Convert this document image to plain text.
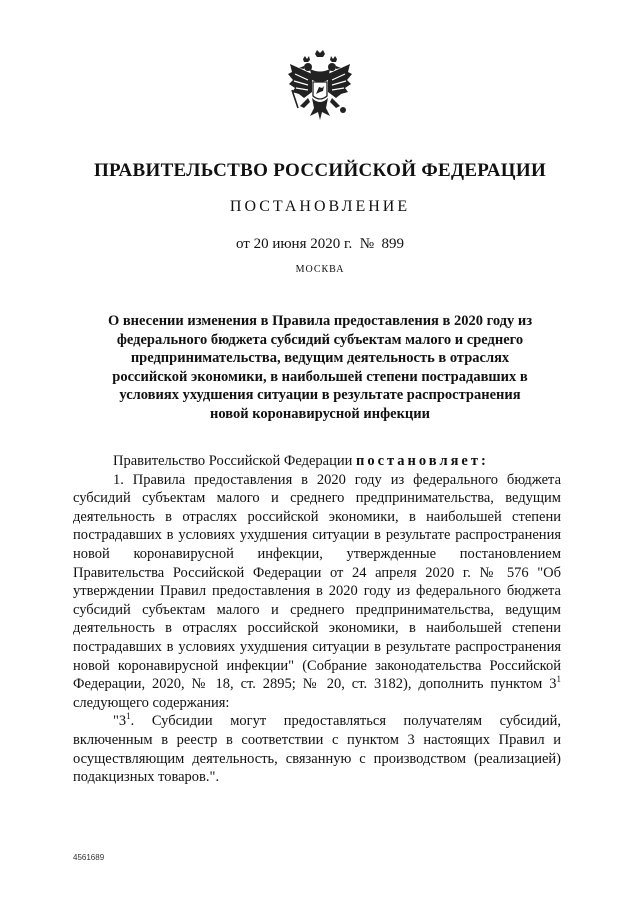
ПРАВИТЕЛЬСТВО РОССИЙСКОЙ ФЕДЕРАЦИИ
ПОСТАНОВЛЕНИЕ
от 20 июня 2020 г. № 899
МОСКВА
О внесении изменения в Правила предоставления в 2020 году из федерального бюджета субсидий субъектам малого и среднего предпринимательства, ведущим деятельность в отраслях российской экономики, в наибольшей степени пострадавших в условиях ухудшения ситуации в результате распространения новой коронавирусной инфекции

Правительство Российской Федерации постановляет:

1. Правила предоставления в 2020 году из федерального бюджета субсидий субъектам малого и среднего предпринимательства, ведущим деятельность в отраслях российской экономики, в наибольшей степени пострадавших в условиях ухудшения ситуации в результате распространения новой коронавирусной инфекции, утвержденные постановлением Правительства Российской Федерации от 24 апреля 2020 г. № 576 "Об утверждении Правил предоставления в 2020 году из федерального бюджета субсидий субъектам малого и среднего предпринимательства, ведущим деятельность в отраслях российской экономики, в наибольшей степени пострадавших в условиях ухудшения ситуации в результате распространения новой коронавирусной инфекции" (Собрание законодательства Российской Федерации, 2020, № 18, ст. 2895; № 20, ст. 3182), дополнить пунктом $3^1$ следующего содержания:

"$3^1$. Субсидии могут предоставляться получателям субсидий, включенным в реестр в соответствии с пунктом 3 настоящих Правил и осуществляющим деятельность, связанную с производством (реализацией) подакцизных товаров.".

4561689
